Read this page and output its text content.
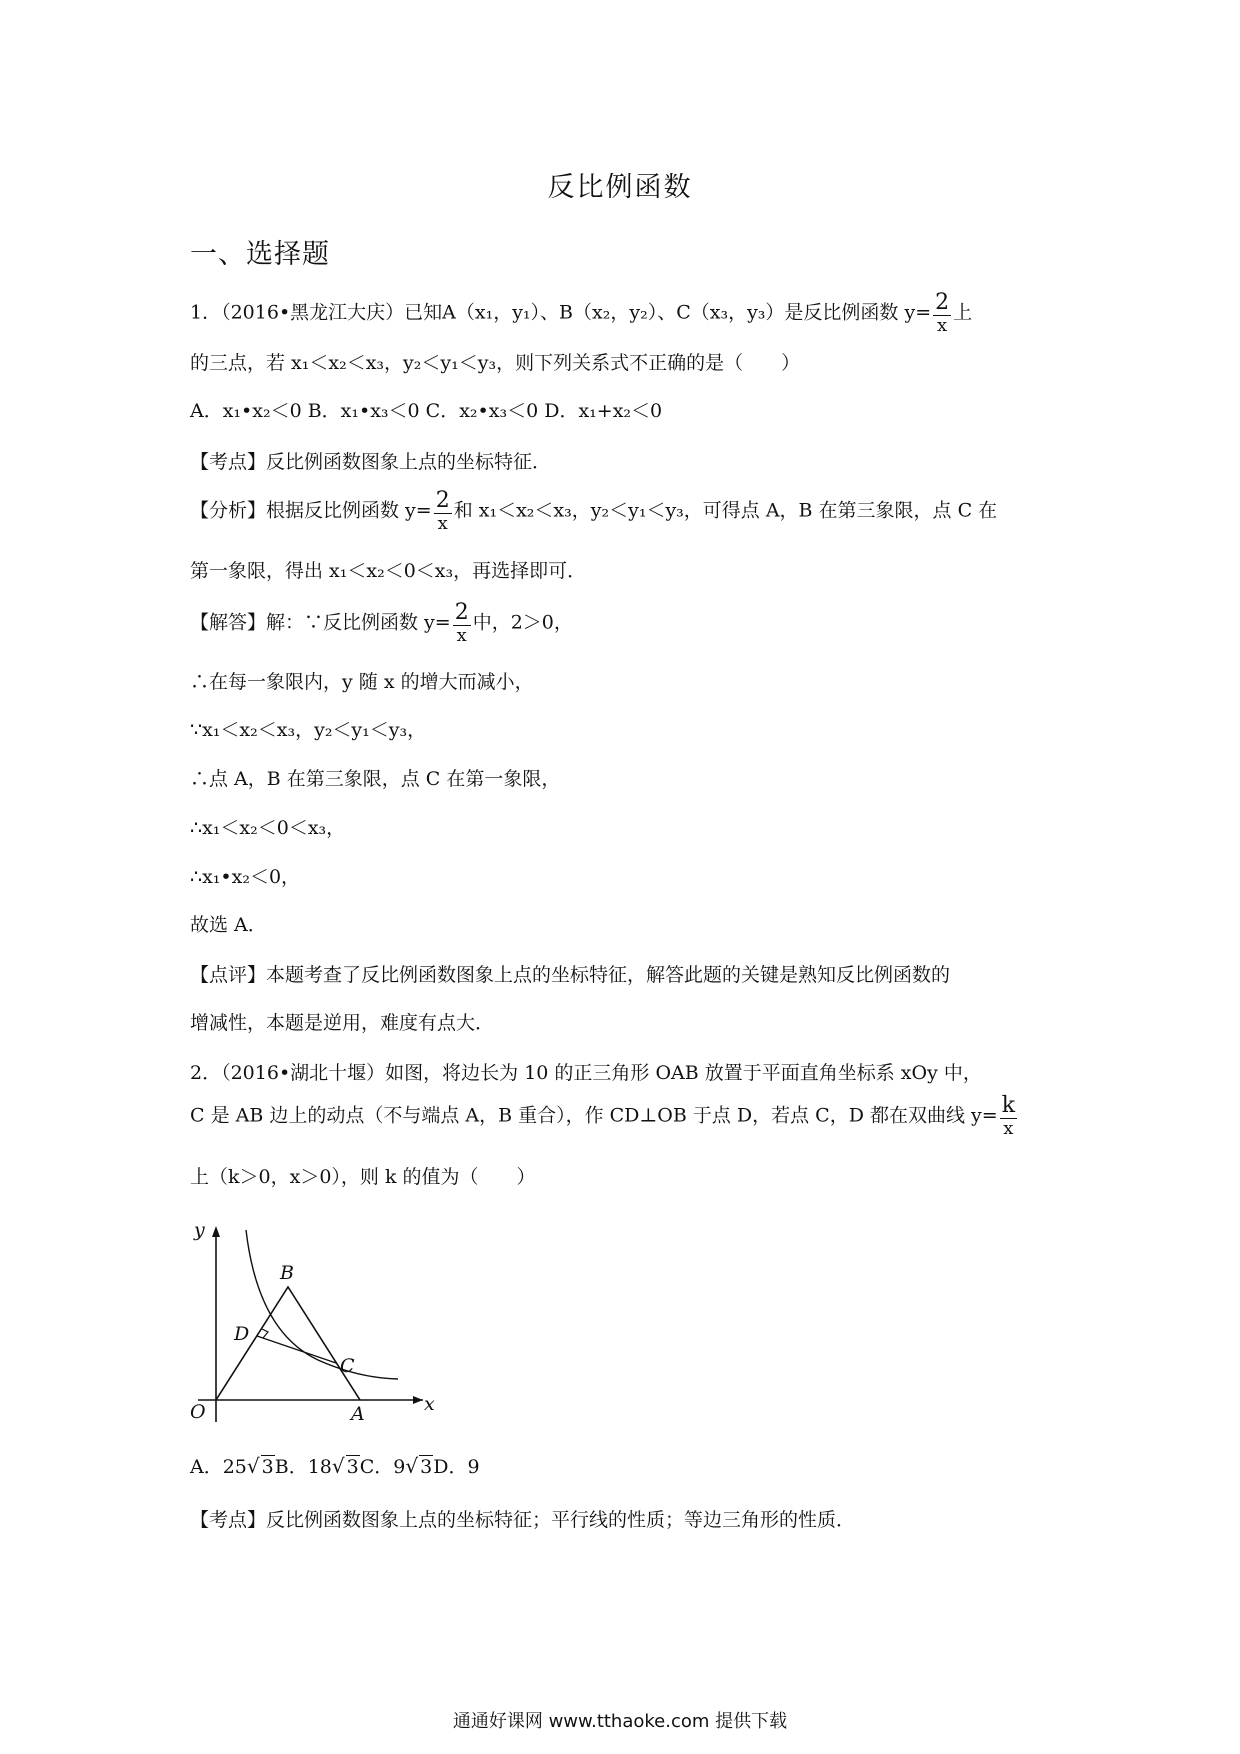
反比例函数
一、选择题
1．（2016•黑龙江大庆）已知A（x₁，y₁）、B（x₂，y₂）、C（x₃，y₃）是反比例函数 $y= \frac{2}{x}$ 上
的三点，若 x₁＜x₂＜x₃，y₂＜y₁＜y₃，则下列关系式不正确的是（　　）
A．x₁•x₂＜0 B．x₁•x₃＜0 C．x₂•x₃＜0 D．x₁+x₂＜0
【考点】反比例函数图象上点的坐标特征．
【分析】根据反比例函数 $y= \frac{2}{x}$ 和 x₁＜x₂＜x₃，y₂＜y₁＜y₃，可得点 A，B 在第三象限，点 C 在
第一象限，得出 x₁＜x₂＜0＜x₃，再选择即可．
【解答】解：∵反比例函数 $y= \frac{2}{x}$ 中，2＞0，
∴在每一象限内，y 随 x 的增大而减小，
∵x₁＜x₂＜x₃，y₂＜y₁＜y₃，
∴点 A，B 在第三象限，点 C 在第一象限，
∴x₁＜x₂＜0＜x₃，
∴x₁•x₂＜0，
故选 A．
【点评】本题考查了反比例函数图象上点的坐标特征，解答此题的关键是熟知反比例函数的
增减性，本题是逆用，难度有点大．
2．（2016•湖北十堰）如图，将边长为 10 的正三角形 OAB 放置于平面直角坐标系 xOy 中，
C 是 AB 边上的动点（不与端点 A，B 重合），作 CD⊥OB 于点 D，若点 C，D 都在双曲线 $y= \frac{k}{x}$
上（k＞0，x＞0），则 k 的值为（　　）
O	A
B
C
D
x
y
A．25√ 3B．18√ 3C．9√ 3D．9
【考点】反比例函数图象上点的坐标特征；平行线的性质；等边三角形的性质．
通通好课网 www.tthaoke.com 提供下载
